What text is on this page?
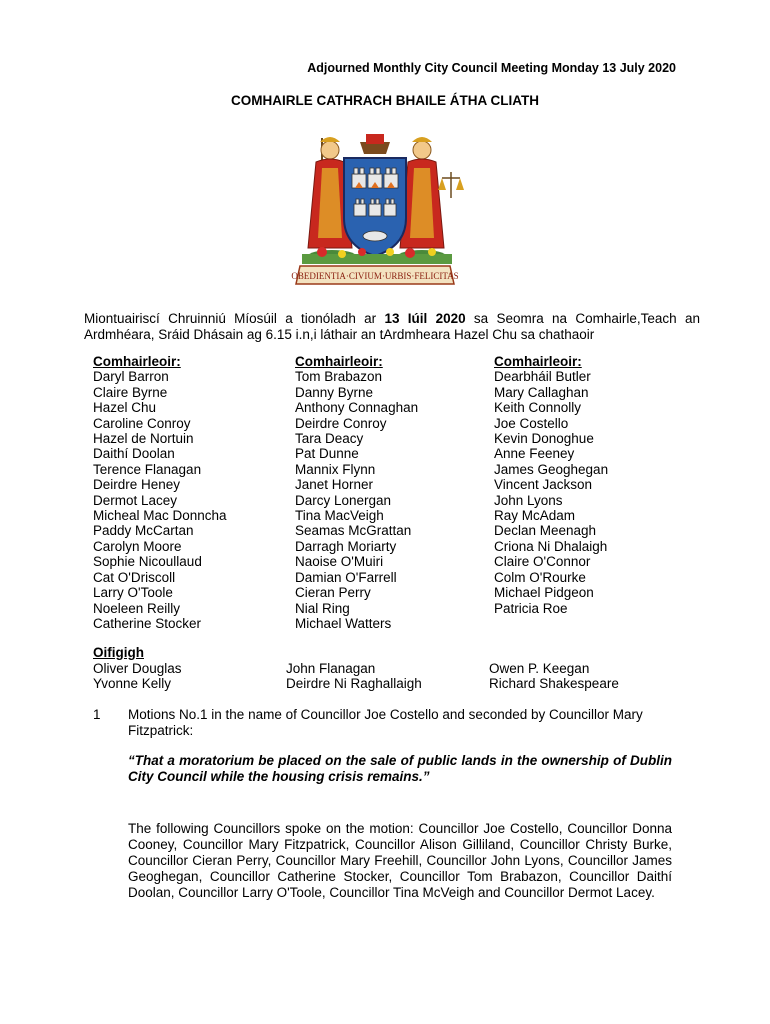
Adjourned Monthly City Council Meeting Monday 13 July 2020
COMHAIRLE CATHRACH BHAILE ÁTHA CLIATH
OBEDIENTIA·CIVIUM·URBIS·FELICITAS
Miontuairiscí Chruinniú Míosúil a tionóladh ar 13 Iúil 2020 sa Seomra na Comhairle,Teach an Ardmhéara, Sráid Dhásain ag 6.15 i.n,i láthair an tArdmheara Hazel Chu sa chathaoir
Comhairleoir:
Daryl Barron
Claire Byrne
Hazel Chu
Caroline Conroy
Hazel de Nortuin
Daithí Doolan
Terence Flanagan
Deirdre Heney
Dermot Lacey
Micheal Mac Donncha
Paddy McCartan
Carolyn Moore
Sophie Nicoullaud
Cat O'Driscoll
Larry O'Toole
Noeleen Reilly
Catherine Stocker
Comhairleoir:
Tom Brabazon
Danny Byrne
Anthony Connaghan
Deirdre Conroy
Tara Deacy
Pat Dunne
Mannix Flynn
Janet Horner
Darcy Lonergan
Tina MacVeigh
Seamas McGrattan
Darragh Moriarty
Naoise O'Muiri
Damian O'Farrell
Cieran Perry
Nial Ring
Michael Watters
Comhairleoir:
Dearbháil Butler
Mary Callaghan
Keith Connolly
Joe Costello
Kevin Donoghue
Anne Feeney
James Geoghegan
Vincent Jackson
John Lyons
Ray McAdam
Declan Meenagh
Criona Ni Dhalaigh
Claire O'Connor
Colm O'Rourke
Michael Pidgeon
Patricia Roe
Oifigigh
Oliver Douglas
Yvonne Kelly
John Flanagan
Deirdre Ni Raghallaigh
Owen P. Keegan
Richard Shakespeare
1 Motions No.1 in the name of Councillor Joe Costello and seconded by Councillor Mary Fitzpatrick:
“That a moratorium be placed on the sale of public lands in the ownership of Dublin City Council while the housing crisis remains.”
The following Councillors spoke on the motion: Councillor Joe Costello, Councillor Donna Cooney, Councillor Mary Fitzpatrick, Councillor Alison Gilliland, Councillor Christy Burke, Councillor Cieran Perry, Councillor Mary Freehill, Councillor John Lyons, Councillor James Geoghegan, Councillor Catherine Stocker, Councillor Tom Brabazon, Councillor Daithí Doolan, Councillor Larry O'Toole, Councillor Tina McVeigh and Councillor Dermot Lacey.
